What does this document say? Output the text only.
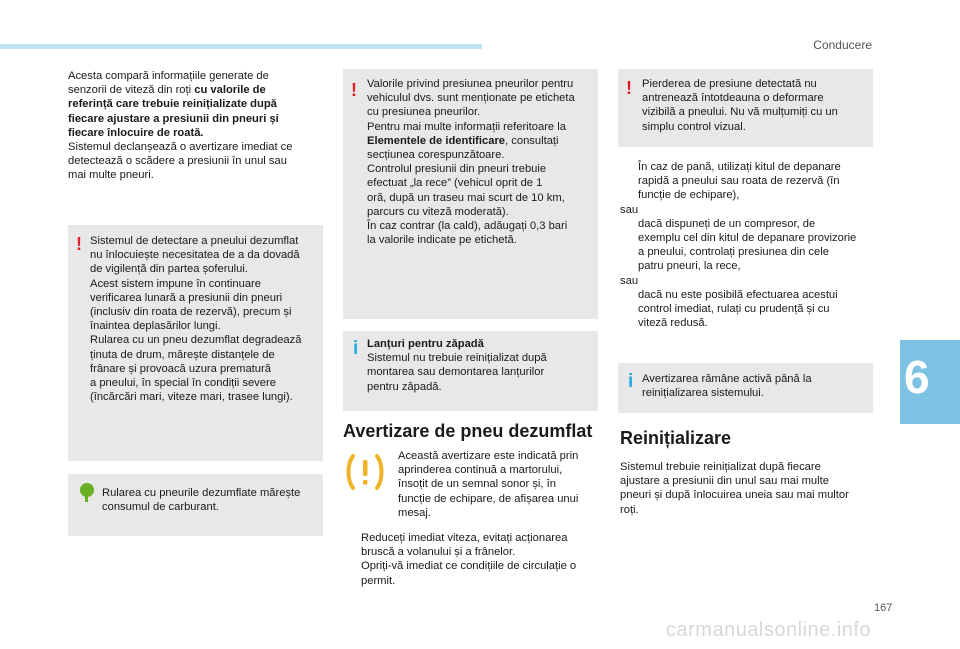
Conducere
6

Acesta compară informațiile generate de

senzorii de viteză din roți cu valorile de

referință care trebuie reinițializate după

fiecare ajustare a presiunii din pneuri și

fiecare înlocuire de roată.

Sistemul declanșează o avertizare imediat ce

detectează o scădere a presiunii în unul sau

mai multe pneuri.

! Sistemul de detectare a pneului dezumflat

nu înlocuiește necesitatea de a da dovadă

de vigilență din partea șoferului.

Acest sistem impune în continuare

verificarea lunară a presiunii din pneuri

(inclusiv din roata de rezervă), precum și

înaintea deplasărilor lungi.

Rularea cu un pneu dezumflat degradează

ținuta de drum, mărește distanțele de

frânare și provoacă uzura prematură

a pneului, în special în condiții severe

(încărcări mari, viteze mari, trasee lungi).

Rularea cu pneurile dezumflate mărește

consumul de carburant.

! Valorile privind presiunea pneurilor pentru

vehiculul dvs. sunt menționate pe eticheta

cu presiunea pneurilor.

Pentru mai multe informații referitoare la

Elementele de identificare, consultați

secțiunea corespunzătoare.

Controlul presiunii din pneuri trebuie

efectuat „la rece” (vehicul oprit de 1

oră, după un traseu mai scurt de 10 km,

parcurs cu viteză moderată).

În caz contrar (la cald), adăugați 0,3 bari

la valorile indicate pe etichetă.

i Lanțuri pentru zăpadă

Sistemul nu trebuie reinițializat după

montarea sau demontarea lanțurilor

pentru zăpadă.

Avertizare de pneu dezumflat

Această avertizare este indicată prin

aprinderea continuă a martorului,

însoțit de un semnal sonor și, în

funcție de echipare, de afișarea unui

mesaj.

Reduceți imediat viteza, evitați acționarea
bruscă a volanului și a frânelor.
Opriți-vă imediat ce condițiile de circulație o
permit.
! Pierderea de presiune detectată nu

antrenează întotdeauna o deformare

vizibilă a pneului. Nu vă mulțumiți cu un

simplu control vizual.

În caz de pană, utilizați kitul de depanare
rapidă a pneului sau roata de rezervă (în
funcție de echipare),
sau
dacă dispuneți de un compresor, de
exemplu cel din kitul de depanare provizorie
a pneului, controlați presiunea din cele
patru pneuri, la rece,
sau
dacă nu este posibilă efectuarea acestui
control imediat, rulați cu prudență și cu
viteză redusă.
i Avertizarea rămâne activă până la

reinițializarea sistemului.

Reinițializare

Sistemul trebuie reinițializat după fiecare

ajustare a presiunii din unul sau mai multe

pneuri și după înlocuirea uneia sau mai multor

roți.

167
carmanualsonline.info
